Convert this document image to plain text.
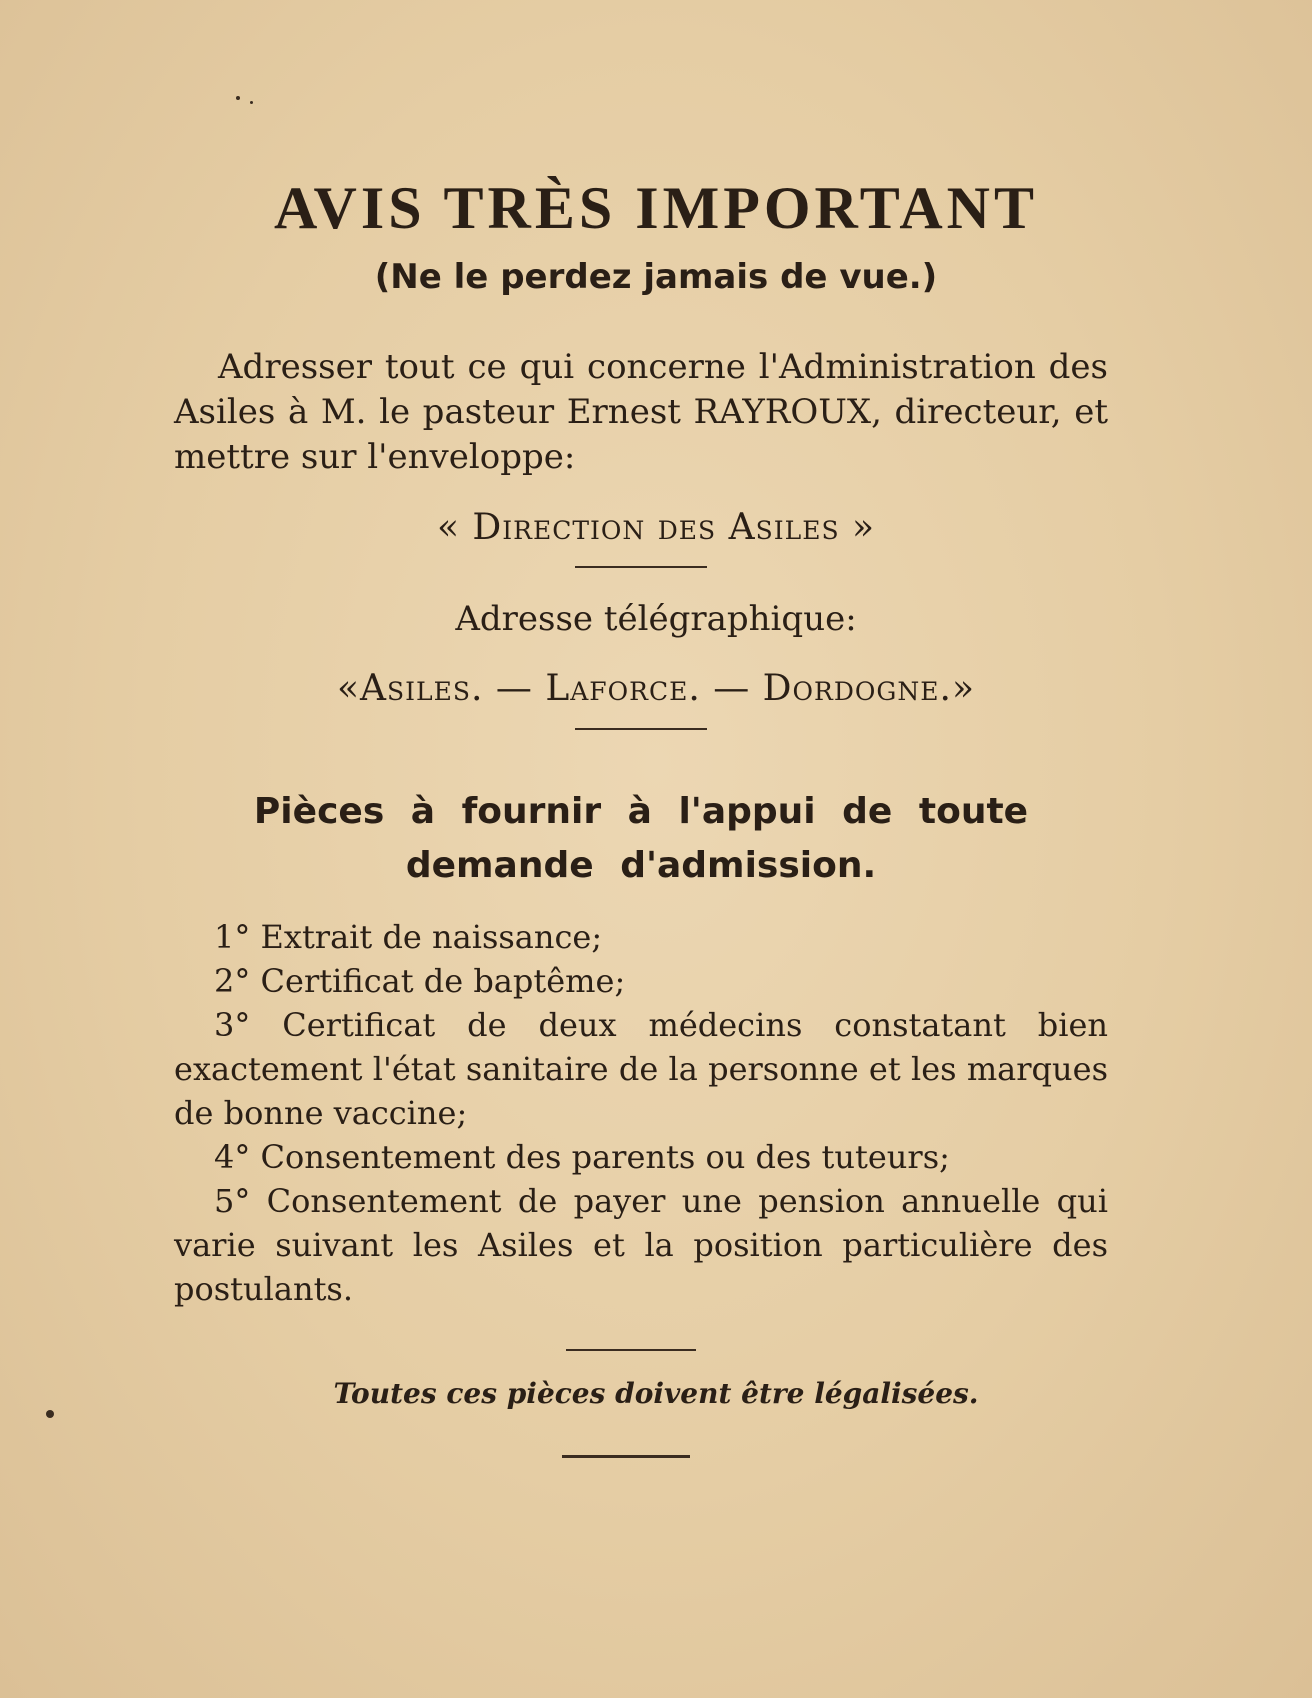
AVIS TRÈS IMPORTANT
(Ne le perdez jamais de vue.)

Adresser tout ce qui concerne l'Administration des Asiles à M. le pasteur Ernest RAYROUX, directeur, et mettre sur l'enveloppe:

« Direction des Asiles »

Adresse télégraphique:

«Asiles. — Laforce. — Dordogne.»

Pièces à fournir à l'appui de toute demande d'admission.
1° Extrait de naissance;
2° Certificat de baptême;
3° Certificat de deux médecins constatant bien exactement l'état sanitaire de la personne et les marques de bonne vaccine;
4° Consentement des parents ou des tuteurs;
5° Consentement de payer une pension annuelle qui varie suivant les Asiles et la position particulière des postulants.

Toutes ces pièces doivent être légalisées.
